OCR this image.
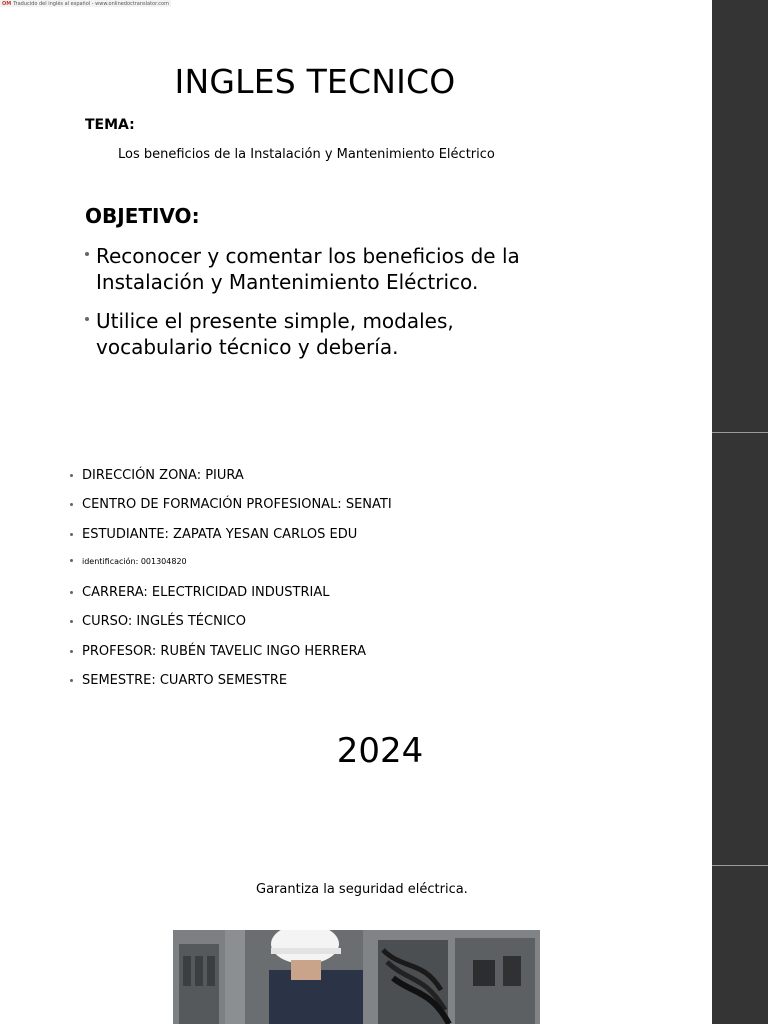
OM Traducido del inglés al español - www.onlinedoctranslator.com
INGLES TECNICO
TEMA:
Los beneficios de la Instalación y Mantenimiento Eléctrico
OBJETIVO:
Reconocer y comentar los beneficios de la Instalación y Mantenimiento Eléctrico.
Utilice el presente simple, modales, vocabulario técnico y debería.
DIRECCIÓN ZONA: PIURA
CENTRO DE FORMACIÓN PROFESIONAL: SENATI
ESTUDIANTE: ZAPATA YESAN CARLOS EDU
identificación: 001304820
CARRERA: ELECTRICIDAD INDUSTRIAL
CURSO: INGLÉS TÉCNICO
PROFESOR: RUBÉN TAVELIC INGO HERRERA
SEMESTRE: CUARTO SEMESTRE
2024
Garantiza la seguridad eléctrica.
